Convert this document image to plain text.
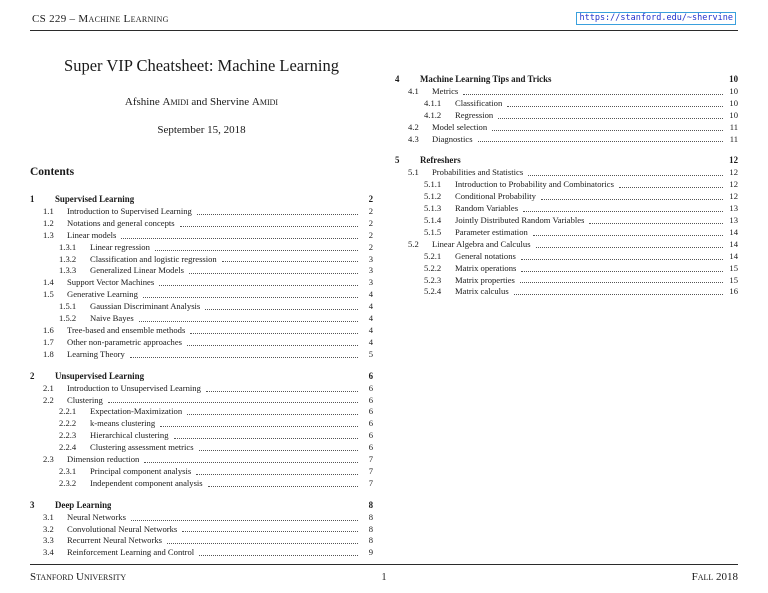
CS 229 – Machine Learning	https://stanford.edu/~shervine
Super VIP Cheatsheet: Machine Learning
Afshine Amidi and Shervine Amidi
September 15, 2018
Contents
1	Supervised Learning	2
1.1	Introduction to Supervised Learning	2
1.2	Notations and general concepts	2
1.3	Linear models	2
1.3.1	Linear regression	2
1.3.2	Classification and logistic regression	3
1.3.3	Generalized Linear Models	3
1.4	Support Vector Machines	3
1.5	Generative Learning	4
1.5.1	Gaussian Discriminant Analysis	4
1.5.2	Naive Bayes	4
1.6	Tree-based and ensemble methods	4
1.7	Other non-parametric approaches	4
1.8	Learning Theory	5
2	Unsupervised Learning	6
2.1	Introduction to Unsupervised Learning	6
2.2	Clustering	6
2.2.1	Expectation-Maximization	6
2.2.2	k-means clustering	6
2.2.3	Hierarchical clustering	6
2.2.4	Clustering assessment metrics	6
2.3	Dimension reduction	7
2.3.1	Principal component analysis	7
2.3.2	Independent component analysis	7
3	Deep Learning	8
3.1	Neural Networks	8
3.2	Convolutional Neural Networks	8
3.3	Recurrent Neural Networks	8
3.4	Reinforcement Learning and Control	9
4	Machine Learning Tips and Tricks	10
4.1	Metrics	10
4.1.1	Classification	10
4.1.2	Regression	10
4.2	Model selection	11
4.3	Diagnostics	11
5	Refreshers	12
5.1	Probabilities and Statistics	12
5.1.1	Introduction to Probability and Combinatorics	12
5.1.2	Conditional Probability	12
5.1.3	Random Variables	13
5.1.4	Jointly Distributed Random Variables	13
5.1.5	Parameter estimation	14
5.2	Linear Algebra and Calculus	14
5.2.1	General notations	14
5.2.2	Matrix operations	15
5.2.3	Matrix properties	15
5.2.4	Matrix calculus	16
Stanford University	1	Fall 2018
